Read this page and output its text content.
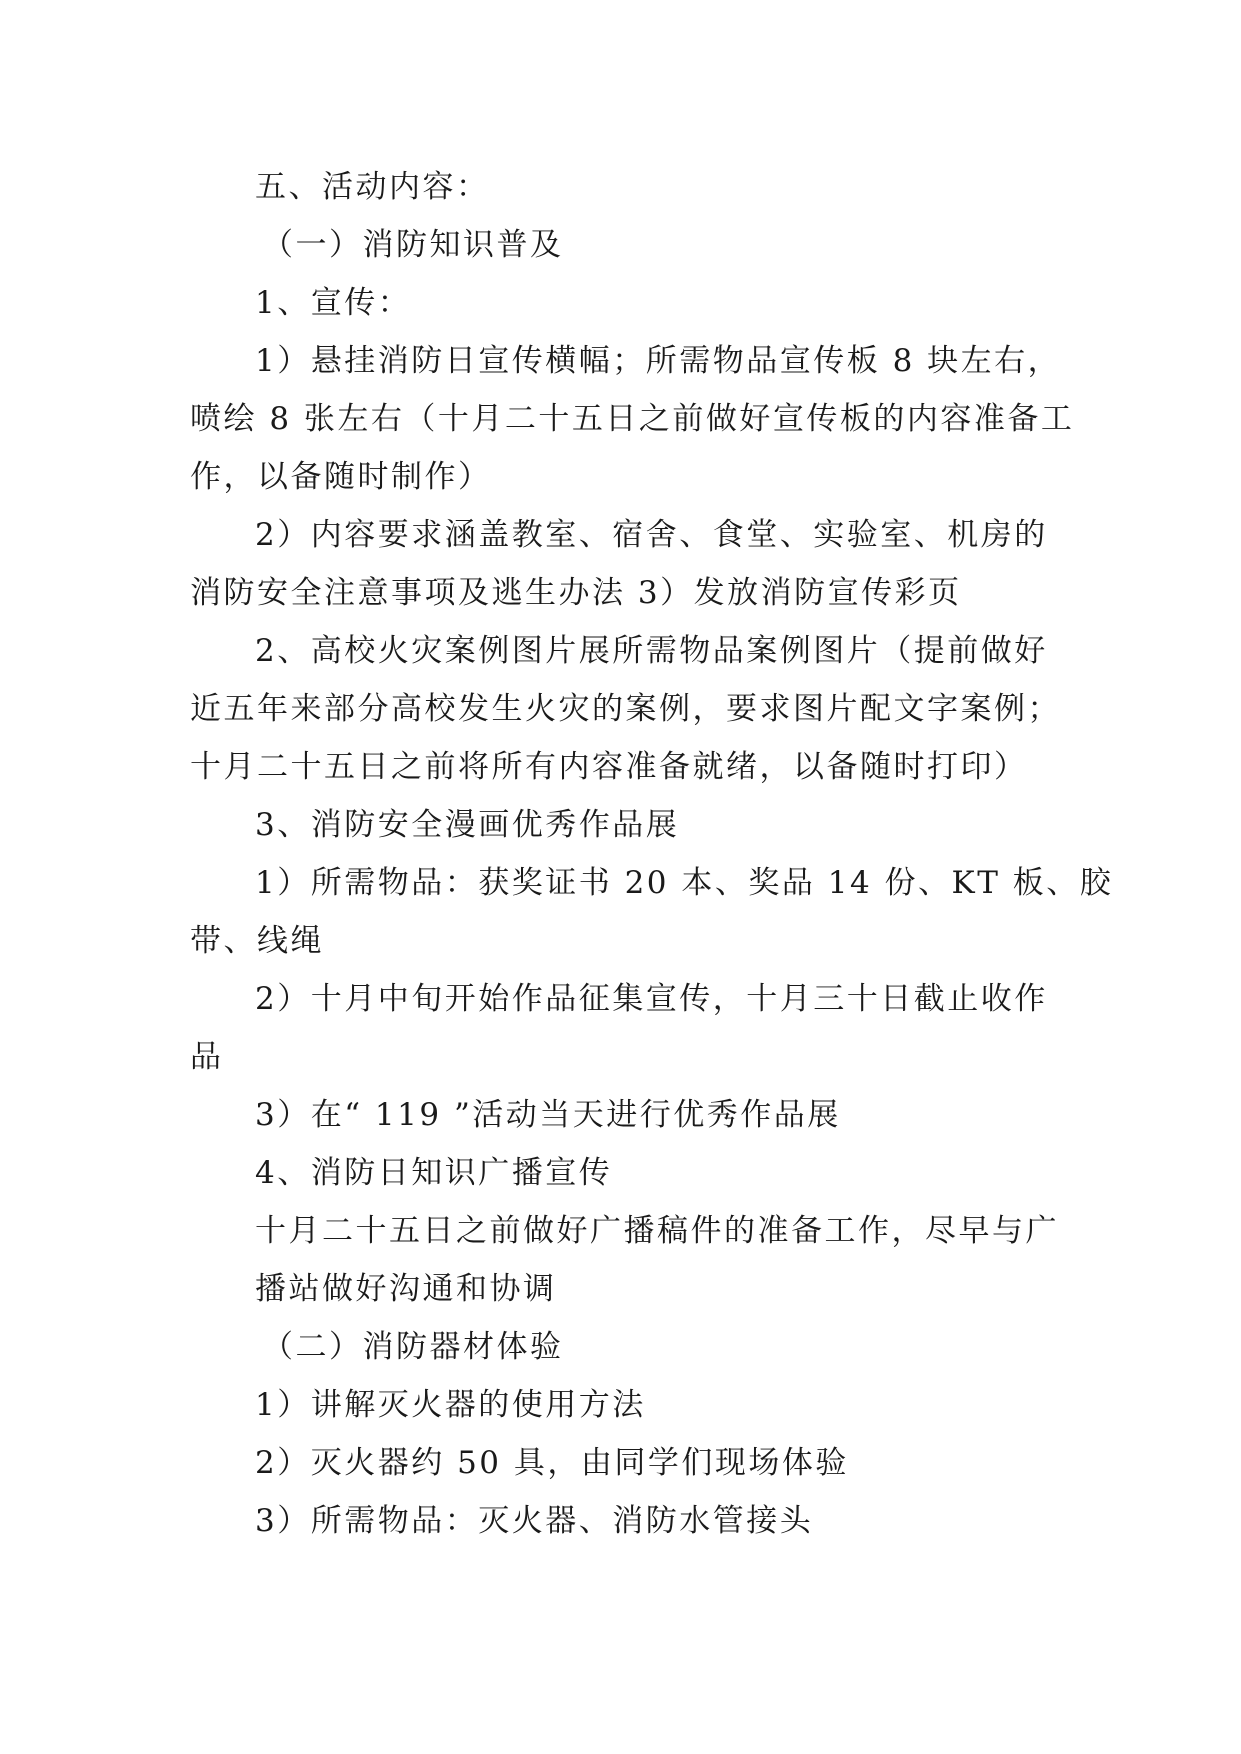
五、活动内容：
（一）消防知识普及
1、宣传：
1）悬挂消防日宣传横幅；所需物品宣传板 8 块左右，
喷绘 8 张左右（十月二十五日之前做好宣传板的内容准备工
作，以备随时制作）
2）内容要求涵盖教室、宿舍、食堂、实验室、机房的
消防安全注意事项及逃生办法 3）发放消防宣传彩页
2、高校火灾案例图片展所需物品案例图片（提前做好
近五年来部分高校发生火灾的案例，要求图片配文字案例；
十月二十五日之前将所有内容准备就绪，以备随时打印）
3、消防安全漫画优秀作品展
1）所需物品：获奖证书 20 本、奖品 14 份、KT 板、胶
带、线绳
2）十月中旬开始作品征集宣传，十月三十日截止收作
品
3）在“ 119 ”活动当天进行优秀作品展
4、消防日知识广播宣传
十月二十五日之前做好广播稿件的准备工作，尽早与广
播站做好沟通和协调
（二）消防器材体验
1）讲解灭火器的使用方法
2）灭火器约 50 具，由同学们现场体验
3）所需物品：灭火器、消防水管接头
